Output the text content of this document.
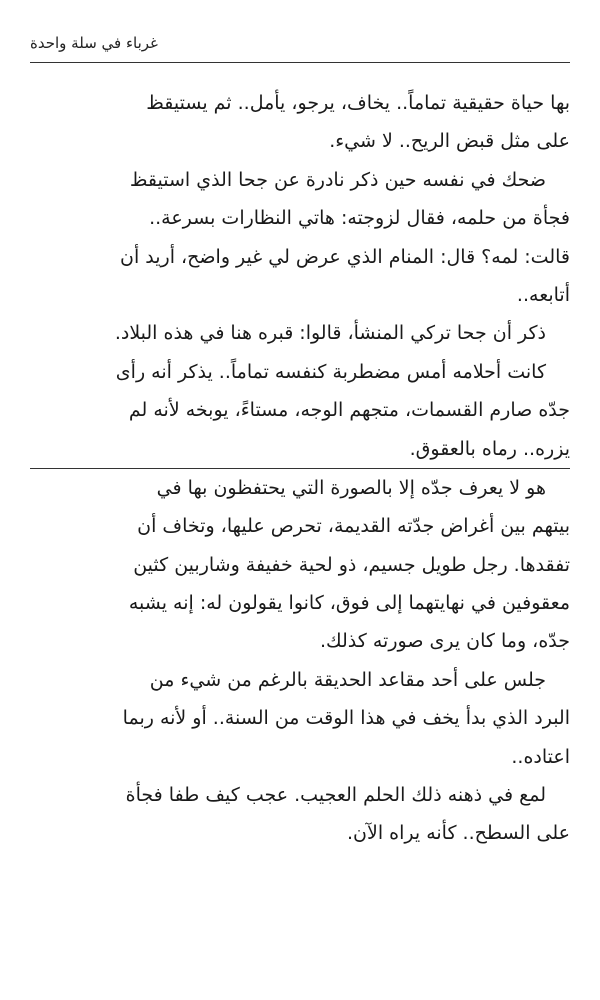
غرباء في سلة واحدة
بها حياة حقيقية تماماً.. يخاف، يرجو، يأمل.. ثم يستيقظ
على مثل قبض الريح.. لا شيء.
ضحك في نفسه حين ذكر نادرة عن جحا الذي استيقظ
فجأة من حلمه، فقال لزوجته: هاتي النظارات بسرعة..
قالت: لمه؟ قال: المنام الذي عرض لي غير واضح، أريد أن
أتابعه..
ذكر أن جحا تركي المنشأ، قالوا: قبره هنا في هذه البلاد.
كانت أحلامه أمس مضطربة كنفسه تماماً.. يذكر أنه رأى
جدّه صارم القسمات، متجهم الوجه، مستاءً، يوبخه لأنه لم
يزره.. رماه بالعقوق.
هو لا يعرف جدّه إلا بالصورة التي يحتفظون بها في
بيتهم بين أغراض جدّته القديمة، تحرص عليها، وتخاف أن
تفقدها. رجل طويل جسيم، ذو لحية خفيفة وشاربين كثين
معقوفين في نهايتهما إلى فوق، كانوا يقولون له: إنه يشبه
جدّه، وما كان يرى صورته كذلك.
جلس على أحد مقاعد الحديقة بالرغم من شيء من
البرد الذي بدأ يخف في هذا الوقت من السنة.. أو لأنه ربما
اعتاده..
لمع في ذهنه ذلك الحلم العجيب. عجب كيف طفا فجأة
على السطح.. كأنه يراه الآن.
